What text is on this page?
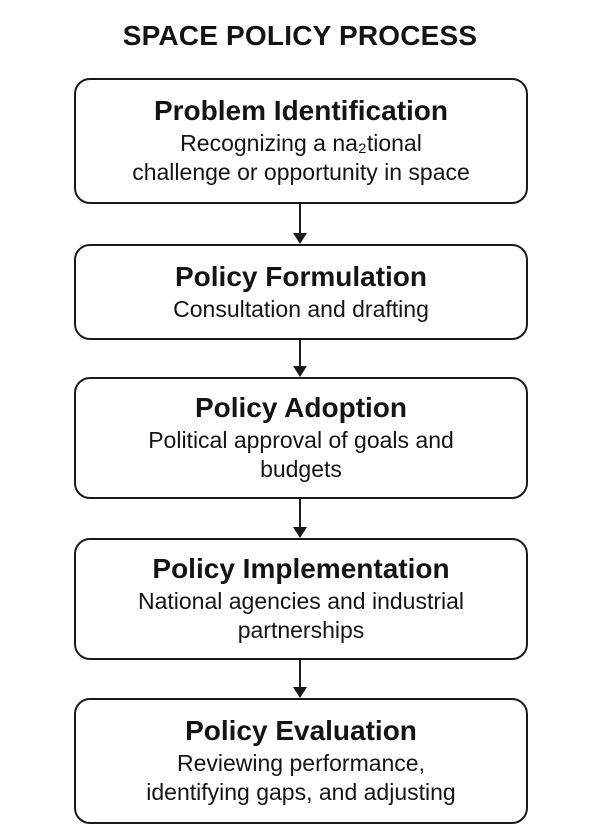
SPACE POLICY PROCESS
Problem Identification
Recognizing a na₂tional
challenge or opportunity in space
Policy Formulation
Consultation and drafting
Policy Adoption
Political approval of goals and
budgets
Policy Implementation
National agencies and industrial
partnerships
Policy Evaluation
Reviewing performance,
identifying gaps, and adjusting
